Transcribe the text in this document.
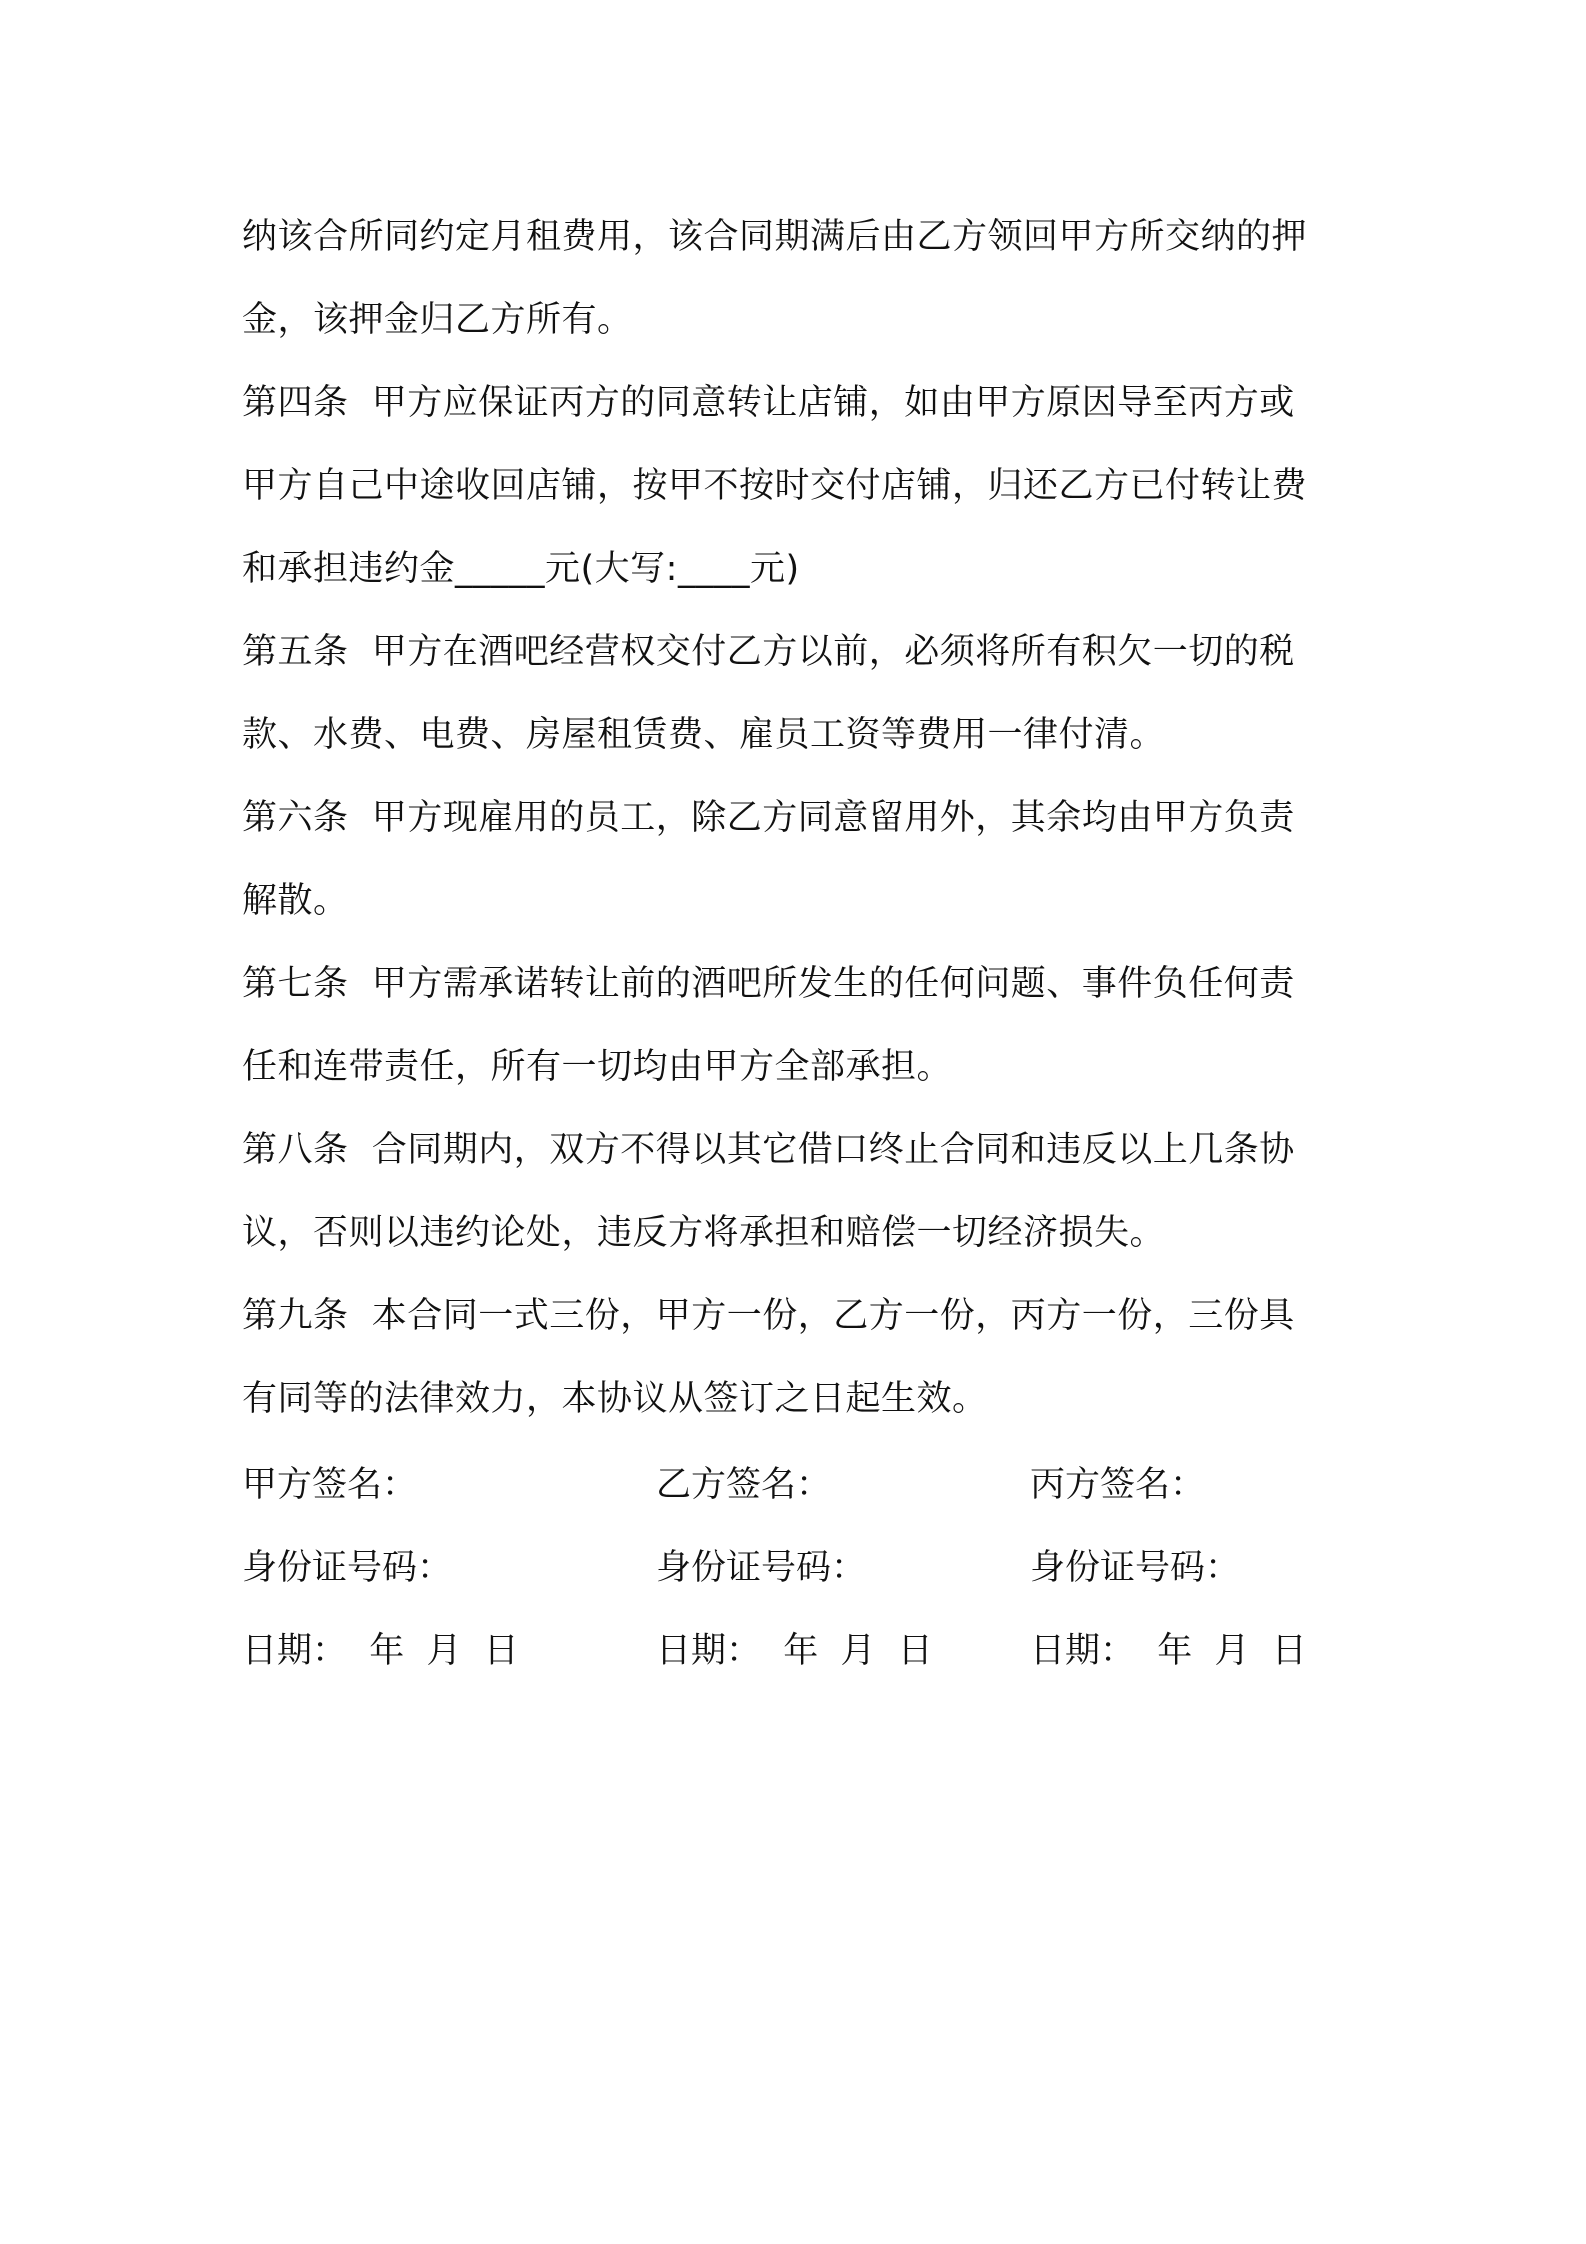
纳该合所同约定月租费用，该合同期满后由乙方领回甲方所交纳的押
金，该押金归乙方所有。
第四条  甲方应保证丙方的同意转让店铺，如由甲方原因导至丙方或
甲方自己中途收回店铺，按甲不按时交付店铺，归还乙方已付转让费
和承担违约金_____元(大写:____元)
第五条  甲方在酒吧经营权交付乙方以前，必须将所有积欠一切的税
款、水费、电费、房屋租赁费、雇员工资等费用一律付清。
第六条  甲方现雇用的员工，除乙方同意留用外，其余均由甲方负责
解散。
第七条  甲方需承诺转让前的酒吧所发生的任何问题、事件负任何责
任和连带责任，所有一切均由甲方全部承担。
第八条  合同期内，双方不得以其它借口终止合同和违反以上几条协
议，否则以违约论处，违反方将承担和赔偿一切经济损失。
第九条  本合同一式三份，甲方一份，乙方一份，丙方一份，三份具
有同等的法律效力，本协议从签订之日起生效。
甲方签名：	乙方签名：	丙方签名：
身份证号码：	身份证号码：	身份证号码：
日期：  年  月  日	日期：  年  月  日	日期：  年  月  日
